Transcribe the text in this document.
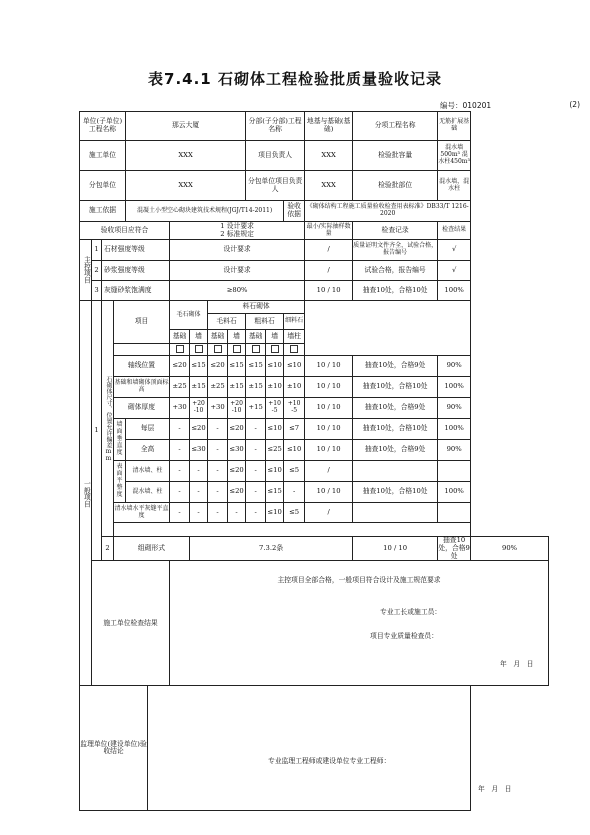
表7.4.1 石砌体工程检验批质量验收记录
编号：010201	(2)
单位(子单位)工程名称				那云大厦						分部(子分部)工程名称			地基与基础(基础)	分项工程名称	无筋扩展基础	
施工单位				XXX						项目负责人			XXX	检验批容量	混水墙500m³ 混水柱450m³	
分包单位				XXX						分包单位项目负责人			XXX	检验批部位	混水墙、混水柱	
施工依据				混凝土小型空心砌块建筑技术规程(JGJ/T14-2011)								验收依据	《砌体结构工程施工质量验收检查用表标准》DB33/T 1216-2020			
验收项目应符合						1 设计要求
2 标准规定							最小/实际抽样数量	检查记录	检查结果	
主控项目	1	石材强度等级				设计要求							/	质量证明文件齐全，试验合格，报告编号	√	
	2	砂浆强度等级				设计要求							/	试验合格，报告编号	√	
	3	灰缝砂浆饱满度				≥80%							10 / 10	抽查10处，合格10处	100%	
一般项目	1	石砌体尺寸、位置允许偏差mm	项目			毛石砌体		料石砌体								
								毛料石		粗料石		细料石				
						基础	墙	基础	墙	基础	墙	墙柱				

			轴线位置			≤20	≤15	≤20	≤15	≤15	≤10	≤10	10 / 10	抽查10处，合格9处	90%	
			基础和墙砌体顶面标高			±25	±15	±25	±15	±15	±10	±10	10 / 10	抽查10处，合格10处	100%	
			砌体厚度			+30	+20 -10	+30	+20 -10	+15	+10 -5	+10 -5	10 / 10	抽查10处，合格9处	90%	
			墙面垂直度	每层		-	≤20	-	≤20	-	≤10	≤7	10 / 10	抽查10处，合格10处	100%	
				全高		-	≤30	-	≤30	-	≤25	≤10	10 / 10	抽查10处，合格9处	90%	
			表面平整度	清水墙、柱		-	-	-	≤20	-	≤10	≤5	/			
				混水墙、柱		-	-	-	≤20	-	≤15	-	10 / 10	抽查10处，合格10处	100%	
			清水墙水平灰缝平直度			-	-	-	-	-	≤10	≤5	/			

		2	组砌形式				7.3.2条							10 / 10	抽查10处，合格9处	90%
	施工单位检查结果					主控项目全部合格，一般项目符合设计及施工规范要求
专业工长或施工员：
项目专业质量检查员：
年   月   日										

监理单位(建设单位)验收结论					专业监理工程师或建设单位专业工程师：
年   月   日											
